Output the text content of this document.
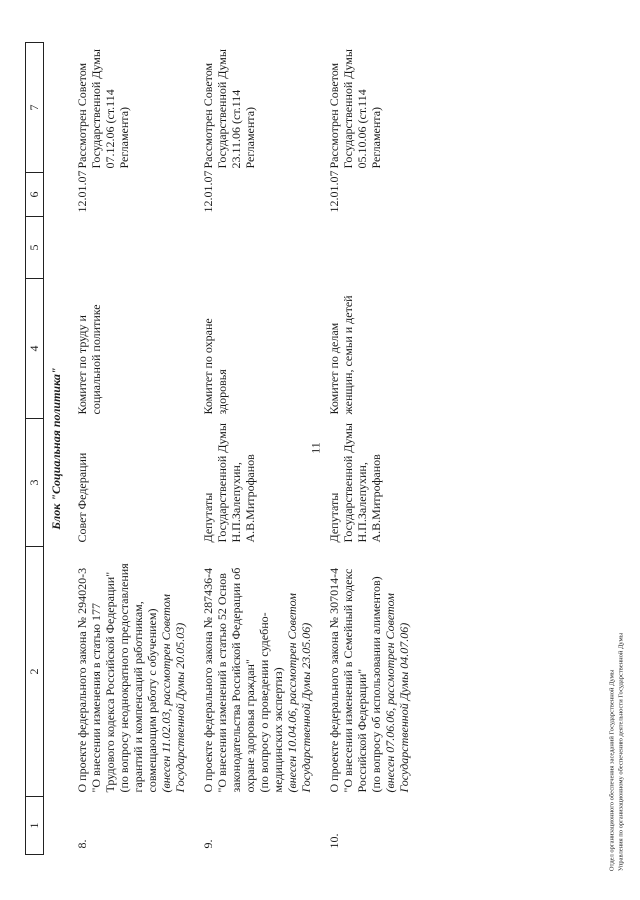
11
1	2	3	4	5	6	7
Блок "Социальная политика"						
8.	О проекте федерального закона № 294020-3 "О внесении изменения в статью 177 Трудового кодекса Российской Федерации" (по вопросу неоднократного предоставления гарантий и компенсаций работникам, совмещающим работу с обучением) (внесен 11.02.03, рассмотрен Советом Государственной Думы 20.05.03)	Совет Федерации	Комитет по труду и социальной политике		12.01.07	Рассмотрен Советом Государственной Думы 07.12.06 (ст.114 Регламента)
9.	О проекте федерального закона № 287436-4 "О внесении изменений в статью 52 Основ законодательства Российской Федерации об охране здоровья граждан" (по вопросу о проведении судебно-медицинских экспертиз) (внесен 10.04.06, рассмотрен Советом Государственной Думы 23.05.06)	Депутаты Государственной Думы Н.П.Залепухин, А.В.Митрофанов	Комитет по охране здоровья		12.01.07	Рассмотрен Советом Государственной Думы 23.11.06 (ст.114 Регламента)
10.	О проекте федерального закона № 307014-4 "О внесении изменений в Семейный кодекс Российской Федерации" (по вопросу об использовании алиментов) (внесен 07.06.06, рассмотрен Советом Государственной Думы 04.07.06)	Депутаты Государственной Думы Н.П.Залепухин, А.В.Митрофанов	Комитет по делам женщин, семьи и детей		12.01.07	Рассмотрен Советом Государственной Думы 05.10.06 (ст.114 Регламента)
Отдел организационного обеспечения заседаний Государственной Думы Управления по организационному обеспечению деятельности Государственной Думы
